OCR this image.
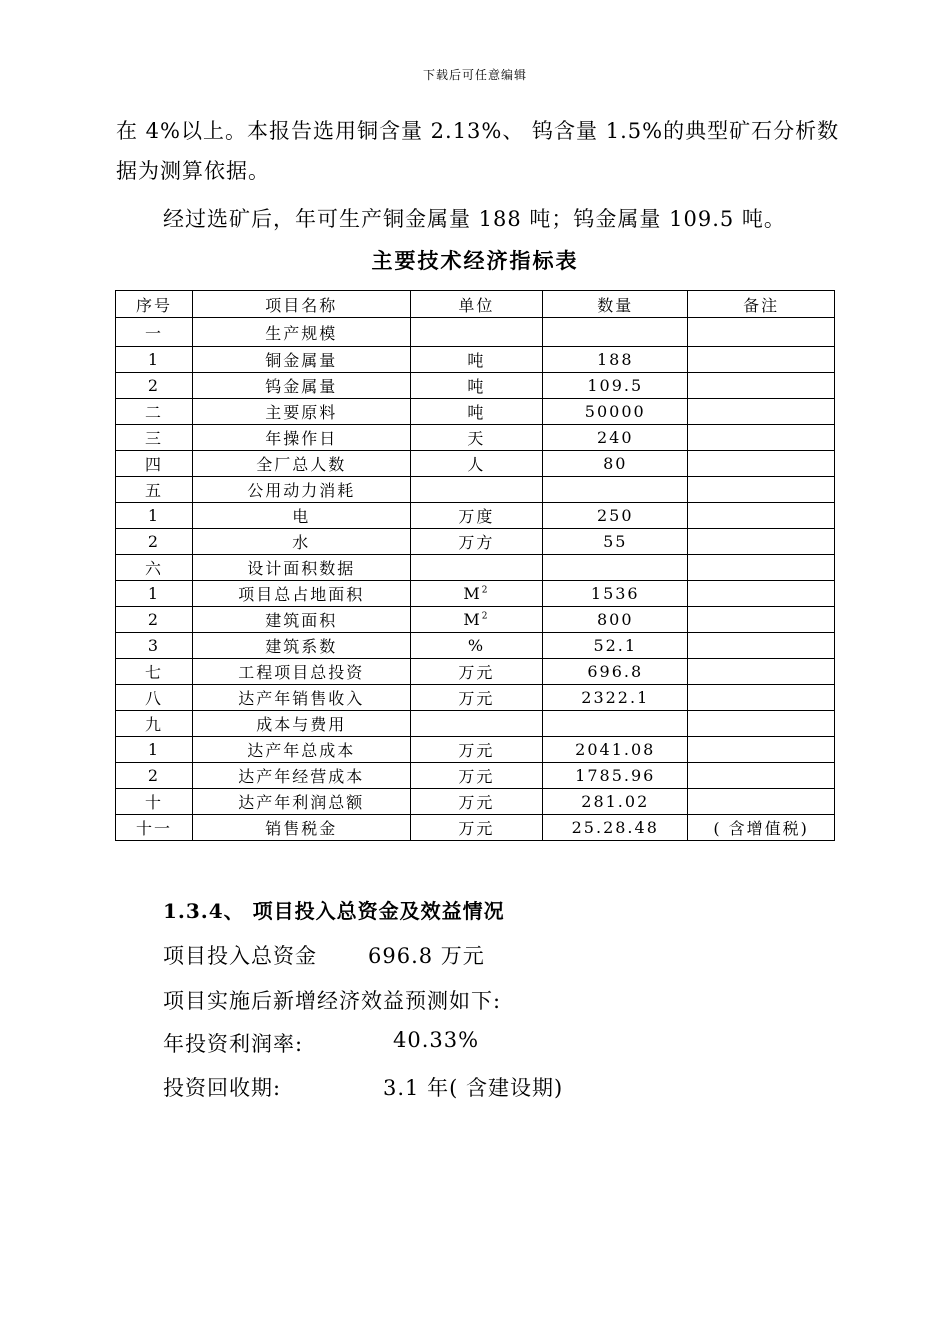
下载后可任意编辑
在 4%以上。本报告选用铜含量 2.13%、 钨含量 1.5%的典型矿石分析数据为测算依据。
经过选矿后，年可生产铜金属量 188 吨；钨金属量 109.5 吨。
主要技术经济指标表
序号	项目名称	单位	数量	备注
一	生产规模			
1	铜金属量	吨	188	
2	钨金属量	吨	109.5	
二	主要原料	吨	50000	
三	年操作日	天	240	
四	全厂总人数	人	80	
五	公用动力消耗			
1	电	万度	250	
2	水	万方	55	
六	设计面积数据			
1	项目总占地面积	$M^2$	1536	
2	建筑面积	$M^2$	800	
3	建筑系数	%	52.1	
七	工程项目总投资	万元	696.8	
八	达产年销售收入	万元	2322.1	
九	成本与费用			
1	达产年总成本	万元	2041.08	
2	达产年经营成本	万元	1785.96	
十	达产年利润总额	万元	281.02	
十一	销售税金	万元	25.28.48	( 含增值税)
1.3.4、 项目投入总资金及效益情况
项目投入总资金 696.8 万元
项目实施后新增经济效益预测如下:
年投资利润率:	40.33%
投资回收期:	3.1 年( 含建设期)
